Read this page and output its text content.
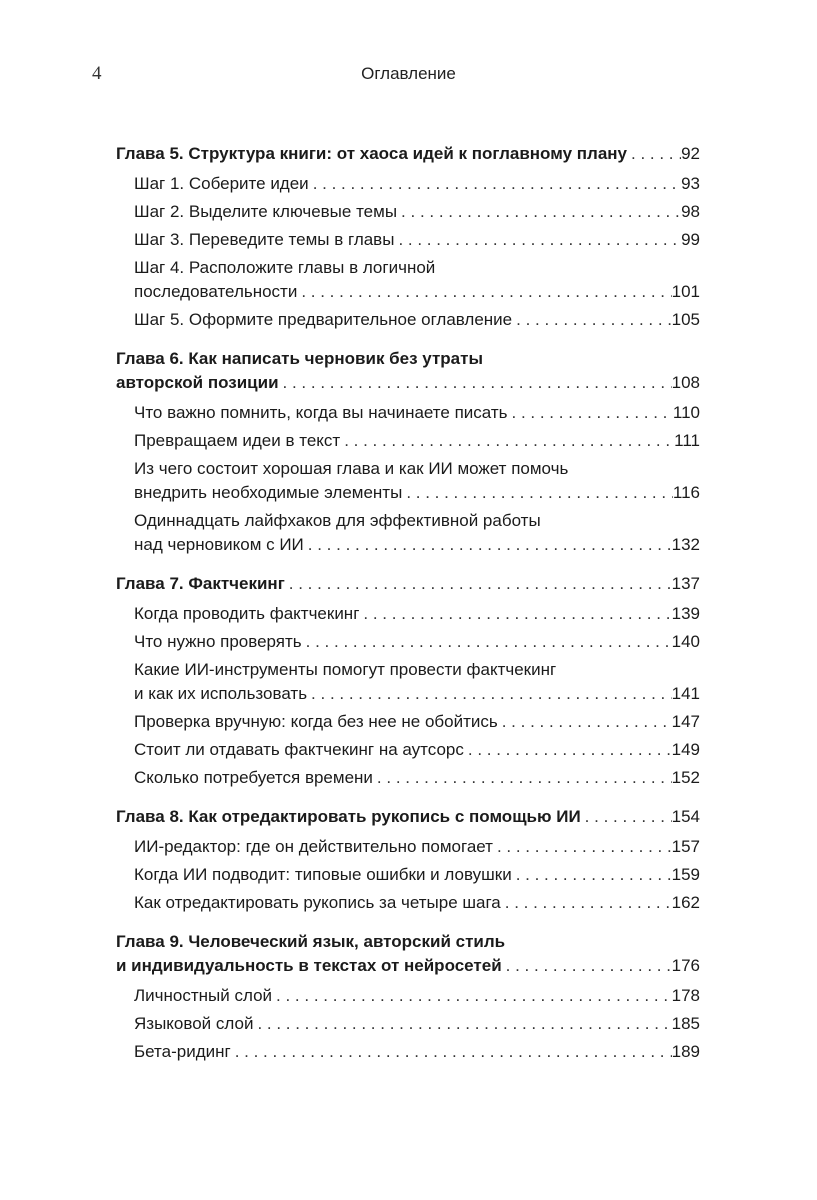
4	Оглавление
Глава 5. Структура книги: от хаоса идей к поглавному плану . . .	92
Шаг 1. Соберите идеи . . .	93
Шаг 2. Выделите ключевые темы . . .	98
Шаг 3. Переведите темы в главы . . .	99
Шаг 4. Расположите главы в логичной
последовательности . . .	101
Шаг 5. Оформите предварительное оглавление . . .	105
Глава 6. Как написать черновик без утраты
авторской позиции . . .	108
Что важно помнить, когда вы начинаете писать . . .	110
Превращаем идеи в текст . . .	111
Из чего состоит хорошая глава и как ИИ может помочь
внедрить необходимые элементы . . .	116
Одиннадцать лайфхаков для эффективной работы
над черновиком с ИИ . . .	132
Глава 7. Фактчекинг . . .	137
Когда проводить фактчекинг . . .	139
Что нужно проверять . . .	140
Какие ИИ-инструменты помогут провести фактчекинг
и как их использовать . . .	141
Проверка вручную: когда без нее не обойтись . . .	147
Стоит ли отдавать фактчекинг на аутсорс . . .	149
Сколько потребуется времени . . .	152
Глава 8. Как отредактировать рукопись с помощью ИИ . . .	154
ИИ-редактор: где он действительно помогает . . .	157
Когда ИИ подводит: типовые ошибки и ловушки . . .	159
Как отредактировать рукопись за четыре шага . . .	162
Глава 9. Человеческий язык, авторский стиль
и индивидуальность в текстах от нейросетей . . .	176
Личностный слой . . .	178
Языковой слой . . .	185
Бета-ридинг . . .	189
